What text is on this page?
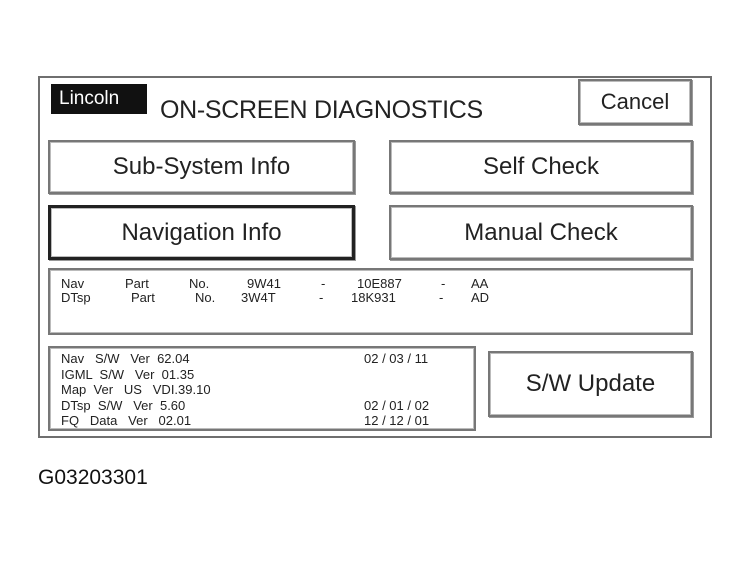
Lincoln	ON-SCREEN DIAGNOSTICS	Cancel
Sub-System Info	Self Check
Navigation Info	Manual Check
Nav	Part	No.	9W41	- 10E887	- AA
DTsp	Part	No. 3W4T	- 18K931	- AD
Nav   S/W   Ver  62.04	02 / 03 / 11
IGML  S/W   Ver  01.35
Map  Ver   US   VDI.39.10
DTsp  S/W   Ver  5.60	02 / 01 / 02
FQ   Data   Ver   02.01	12 / 12 / 01
S/W Update
G03203301
